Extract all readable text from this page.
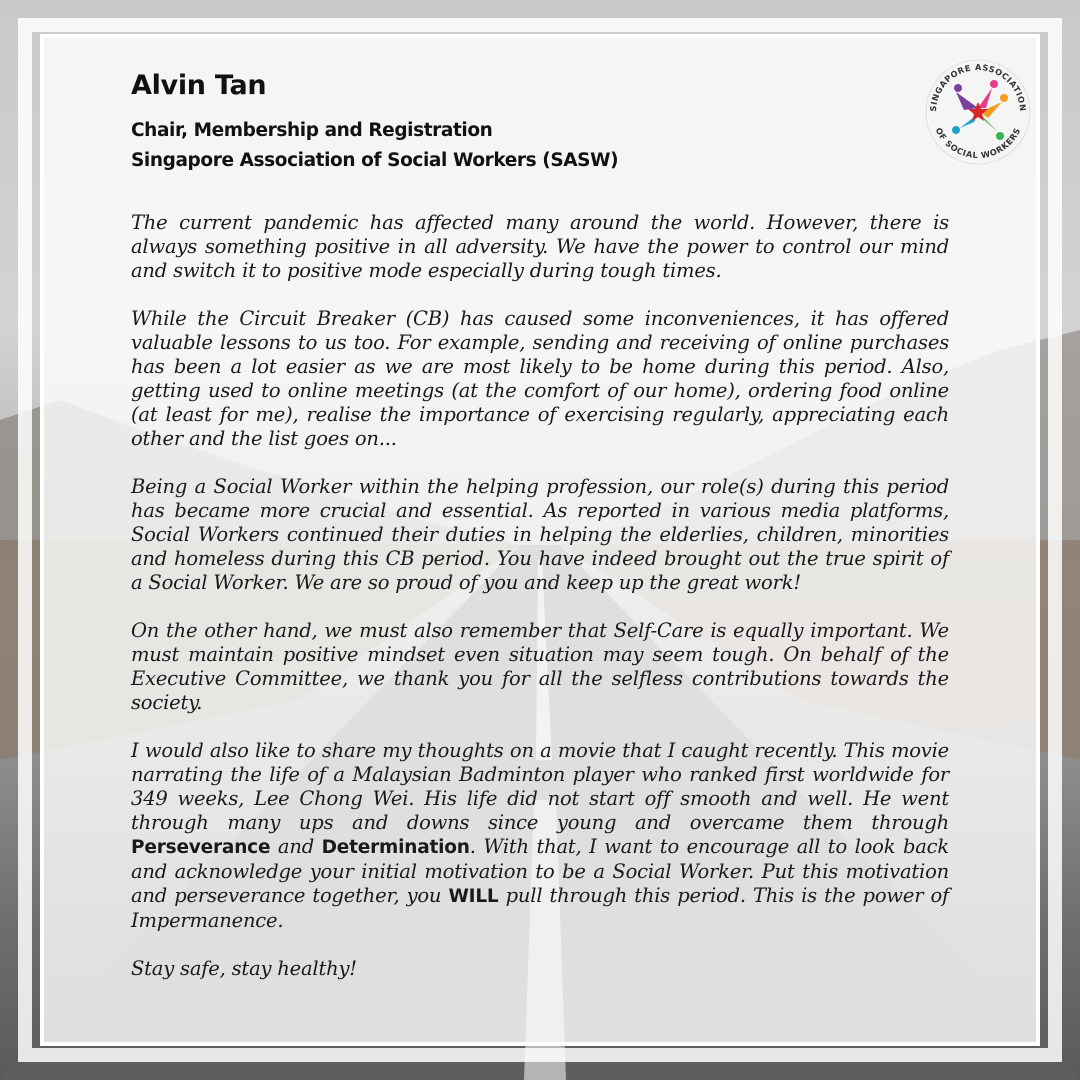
Alvin Tan
Chair, Membership and Registration
Singapore Association of Social Workers (SASW)
SINGAPORE ASSOCIATION
OF SOCIAL WORKERS

The current pandemic has affected many around the world. However, there is always something positive in all adversity. We have the power to control our mind and switch it to positive mode especially during tough times.

While the Circuit Breaker (CB) has caused some inconveniences, it has offered valuable lessons to us too. For example, sending and receiving of online purchases has been a lot easier as we are most likely to be home during this period. Also, getting used to online meetings (at the comfort of our home), ordering food online (at least for me), realise the importance of exercising regularly, appreciating each other and the list goes on...

Being a Social Worker within the helping profession, our role(s) during this period has became more crucial and essential. As reported in various media platforms, Social Workers continued their duties in helping the elderlies, children, minorities and homeless during this CB period. You have indeed brought out the true spirit of a Social Worker. We are so proud of you and keep up the great work!

On the other hand, we must also remember that Self-Care is equally important. We must maintain positive mindset even situation may seem tough. On behalf of the Executive Committee, we thank you for all the selfless contributions towards the society.

I would also like to share my thoughts on a movie that I caught recently. This movie narrating the life of a Malaysian Badminton player who ranked first worldwide for 349 weeks, Lee Chong Wei. His life did not start off smooth and well. He went through many ups and downs since young and overcame them through Perseverance and Determination. With that, I want to encourage all to look back and acknowledge your initial motivation to be a Social Worker. Put this motivation and perseverance together, you WILL pull through this period. This is the power of Impermanence.

Stay safe, stay healthy!
